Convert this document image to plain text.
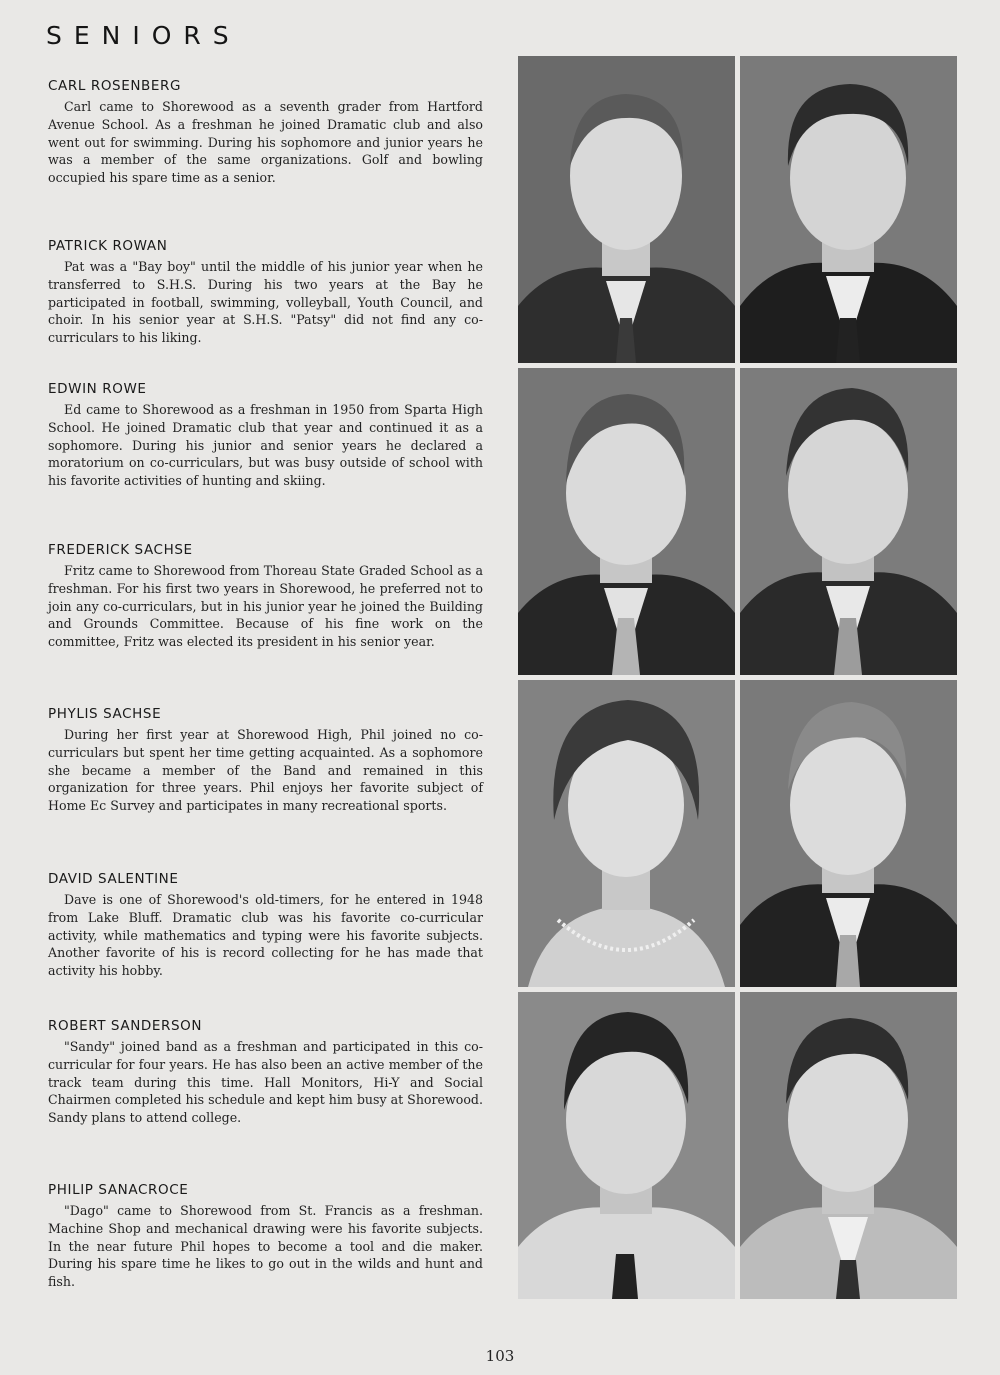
SENIORS
CARL ROSENBERG

Carl came to Shorewood as a seventh grader from Hartford Avenue School. As a freshman he joined Dramatic club and also went out for swimming. During his sophomore and junior years he was a member of the same organizations. Golf and bowling occupied his spare time as a senior.

PATRICK ROWAN

Pat was a "Bay boy" until the middle of his junior year when he transferred to S.H.S. During his two years at the Bay he participated in football, swimming, volleyball, Youth Council, and choir. In his senior year at S.H.S. "Patsy" did not find any co-curriculars to his liking.

EDWIN ROWE

Ed came to Shorewood as a freshman in 1950 from Sparta High School. He joined Dramatic club that year and continued it as a sophomore. During his junior and senior years he declared a moratorium on co-curriculars, but was busy outside of school with his favorite activities of hunting and skiing.

FREDERICK SACHSE

Fritz came to Shorewood from Thoreau State Graded School as a freshman. For his first two years in Shorewood, he preferred not to join any co-curriculars, but in his junior year he joined the Building and Grounds Committee. Because of his fine work on the committee, Fritz was elected its president in his senior year.

PHYLIS SACHSE

During her first year at Shorewood High, Phil joined no co-curriculars but spent her time getting acquainted. As a sophomore she became a member of the Band and remained in this organization for three years. Phil enjoys her favorite subject of Home Ec Survey and participates in many recreational sports.

DAVID SALENTINE

Dave is one of Shorewood's old-timers, for he entered in 1948 from Lake Bluff. Dramatic club was his favorite co-curricular activity, while mathematics and typing were his favorite subjects. Another favorite of his is record collecting for he has made that activity his hobby.

ROBERT SANDERSON

"Sandy" joined band as a freshman and participated in this co-curricular for four years. He has also been an active member of the track team during this time. Hall Monitors, Hi-Y and Social Chairmen completed his schedule and kept him busy at Shorewood. Sandy plans to attend college.

PHILIP SANACROCE

"Dago" came to Shorewood from St. Francis as a freshman. Machine Shop and mechanical drawing were his favorite subjects. In the near future Phil hopes to become a tool and die maker. During his spare time he likes to go out in the wilds and hunt and fish.

103
